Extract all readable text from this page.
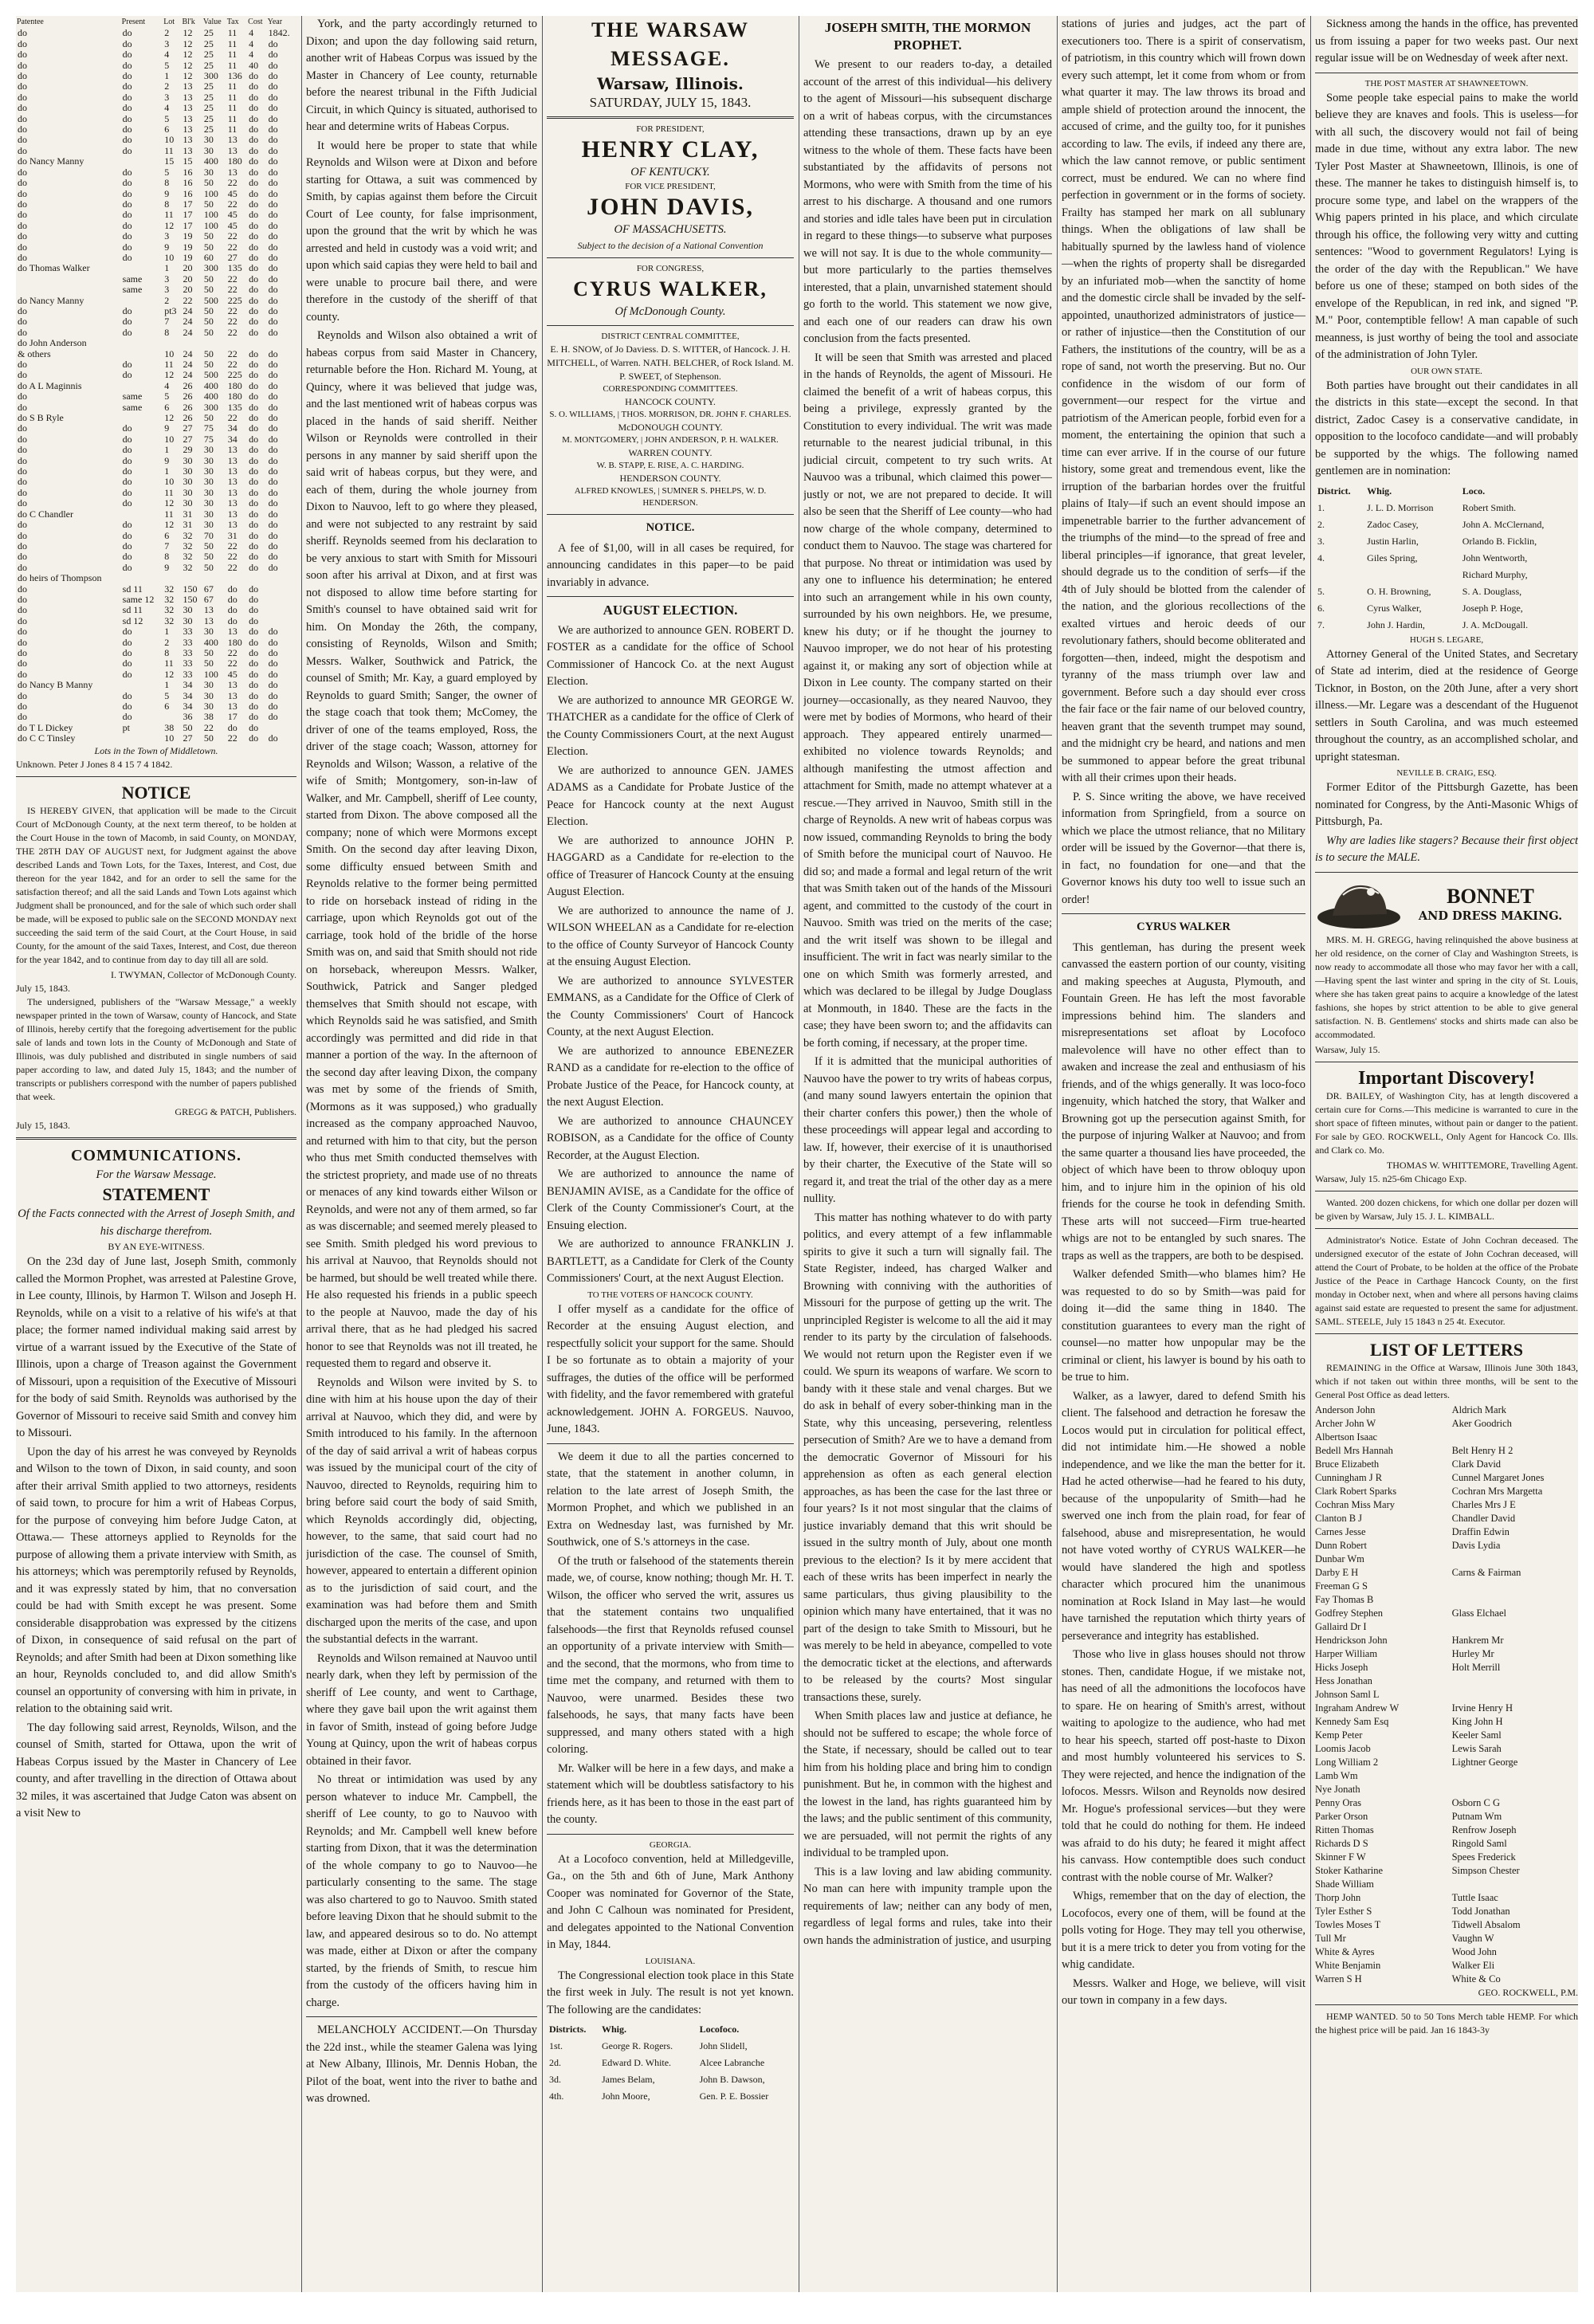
Patentee	Present	Lot	Bl'k	Value	Tax	Cost	Year
do	do	2	12	25	11	4	1842.
do	do	3	12	25	11	4	do
do	do	4	12	25	11	4	do
do	do	5	12	25	11	40	do
do	do	1	12	300	136	do	do
do	do	2	13	25	11	do	do
do	do	3	13	25	11	do	do
do	do	4	13	25	11	do	do
do	do	5	13	25	11	do	do
do	do	6	13	25	11	do	do
do	do	10	13	30	13	do	do
do	do	11	13	30	13	do	do
do Nancy Manny		15	15	400	180	do	do
do	do	5	16	30	13	do	do
do	do	8	16	50	22	do	do
do	do	9	16	100	45	do	do
do	do	8	17	50	22	do	do
do	do	11	17	100	45	do	do
do	do	12	17	100	45	do	do
do	do	3	19	50	22	do	do
do	do	9	19	50	22	do	do
do	do	10	19	60	27	do	do
do Thomas Walker		1	20	300	135	do	do
	same	3	20	50	22	do	do
	same	3	20	50	22	do	do
do Nancy Manny		2	22	500	225	do	do
do	do	pt3	24	50	22	do	do
do	do	7	24	50	22	do	do
do	do	8	24	50	22	do	do
do John Anderson							
& others		10	24	50	22	do	do
do	do	11	24	50	22	do	do
do	do	12	24	500	225	do	do
do A L Maginnis		4	26	400	180	do	do
do	same	5	26	400	180	do	do
do	same	6	26	300	135	do	do
do S B Ryle		12	26	50	22	do	do
do	do	9	27	75	34	do	do
do	do	10	27	75	34	do	do
do	do	1	29	30	13	do	do
do	do	9	30	30	13	do	do
do	do	1	30	30	13	do	do
do	do	10	30	30	13	do	do
do	do	11	30	30	13	do	do
do	do	12	30	30	13	do	do
do C Chandler		11	31	30	13	do	do
do	do	12	31	30	13	do	do
do	do	6	32	70	31	do	do
do	do	7	32	50	22	do	do
do	do	8	32	50	22	do	do
do	do	9	32	50	22	do	do
do heirs of Thompson							
do	sd 11	32	150	67	do	do	
do	same 12	32	150	67	do	do	
do	sd 11	32	30	13	do	do	
do	sd 12	32	30	13	do	do	
do	do	1	33	30	13	do	do
do	do	2	33	400	180	do	do
do	do	8	33	50	22	do	do
do	do	11	33	50	22	do	do
do	do	12	33	100	45	do	do
do Nancy B Manny		1	34	30	13	do	do
do	do	5	34	30	13	do	do
do	do	6	34	30	13	do	do
do	do		36	38	17	do	do
do T L Dickey	pt	38	50	22	do	do	
do C C Tinsley		10	27	50	22	do	do
Lots in the Town of Middletown.
Unknown. Peter J Jones 8 4 15 7 4 1842.
NOTICE

IS HEREBY GIVEN, that application will be made to the Circuit Court of McDonough County, at the next term thereof, to be holden at the Court House in the town of Macomb, in said County, on MONDAY, THE 28TH DAY OF AUGUST next, for Judgment against the above described Lands and Town Lots, for the Taxes, Interest, and Cost, due thereon for the year 1842, and for an order to sell the same for the satisfaction thereof; and all the said Lands and Town Lots against which Judgment shall be pronounced, and for the sale of which such order shall be made, will be exposed to public sale on the SECOND MONDAY next succeeding the said term of the said Court, at the Court House, in said County, for the amount of the said Taxes, Interest, and Cost, due thereon for the year 1842, and to continue from day to day till all are sold.

I. TWYMAN, Collector of McDonough County.
July 15, 1843.

The undersigned, publishers of the "Warsaw Message," a weekly newspaper printed in the town of Warsaw, county of Hancock, and State of Illinois, hereby certify that the foregoing advertisement for the public sale of lands and town lots in the County of McDonough and State of Illinois, was duly published and distributed in single numbers of said paper according to law, and dated July 15, 1843; and the number of transcripts or publishers correspond with the number of papers published that week.

GREGG & PATCH, Publishers.
July 15, 1843.
COMMUNICATIONS.
For the Warsaw Message.
STATEMENT
Of the Facts connected with the Arrest of Joseph Smith, and his discharge therefrom.
BY AN EYE-WITNESS.

On the 23d day of June last, Joseph Smith, commonly called the Mormon Prophet, was arrested at Palestine Grove, in Lee county, Illinois, by Harmon T. Wilson and Joseph H. Reynolds, while on a visit to a relative of his wife's at that place; the former named individual making said arrest by virtue of a warrant issued by the Executive of the State of Illinois, upon a charge of Treason against the Government of Missouri, upon a requisition of the Executive of Missouri for the body of said Smith. Reynolds was authorised by the Governor of Missouri to receive said Smith and convey him to Missouri.

Upon the day of his arrest he was conveyed by Reynolds and Wilson to the town of Dixon, in said county, and soon after their arrival Smith applied to two attorneys, residents of said town, to procure for him a writ of Habeas Corpus, for the purpose of conveying him before Judge Caton, at Ottawa.— These attorneys applied to Reynolds for the purpose of allowing them a private interview with Smith, as his attorneys; which was peremptorily refused by Reynolds, and it was expressly stated by him, that no conversation could be had with Smith except he was present. Some considerable disapprobation was expressed by the citizens of Dixon, in consequence of said refusal on the part of Reynolds; and after Smith had been at Dixon something like an hour, Reynolds concluded to, and did allow Smith's counsel an opportunity of conversing with him in private, in relation to the obtaining said writ.

The day following said arrest, Reynolds, Wilson, and the counsel of Smith, started for Ottawa, upon the writ of Habeas Corpus issued by the Master in Chancery of Lee county, and after travelling in the direction of Ottawa about 32 miles, it was ascertained that Judge Caton was absent on a visit New to

York, and the party accordingly returned to Dixon; and upon the day following said return, another writ of Habeas Corpus was issued by the Master in Chancery of Lee county, returnable before the nearest tribunal in the Fifth Judicial Circuit, in which Quincy is situated, authorised to hear and determine writs of Habeas Corpus.

It would here be proper to state that while Reynolds and Wilson were at Dixon and before starting for Ottawa, a suit was commenced by Smith, by capias against them before the Circuit Court of Lee county, for false imprisonment, upon the ground that the writ by which he was arrested and held in custody was a void writ; and upon which said capias they were held to bail and were unable to procure bail there, and were therefore in the custody of the sheriff of that county.

Reynolds and Wilson also obtained a writ of habeas corpus from said Master in Chancery, returnable before the Hon. Richard M. Young, at Quincy, where it was believed that judge was, and the last mentioned writ of habeas corpus was placed in the hands of said sheriff. Neither Wilson or Reynolds were controlled in their persons in any manner by said sheriff upon the said writ of habeas corpus, but they were, and each of them, during the whole journey from Dixon to Nauvoo, left to go where they pleased, and were not subjected to any restraint by said sheriff. Reynolds seemed from his declaration to be very anxious to start with Smith for Missouri soon after his arrival at Dixon, and at first was not disposed to allow time before starting for Smith's counsel to have obtained said writ for him. On Monday the 26th, the company, consisting of Reynolds, Wilson and Smith; Messrs. Walker, Southwick and Patrick, the counsel of Smith; Mr. Kay, a guard employed by Reynolds to guard Smith; Sanger, the owner of the stage coach that took them; McComey, the driver of one of the teams employed, Ross, the driver of the stage coach; Wasson, attorney for Reynolds and Wilson; Wasson, a relative of the wife of Smith; Montgomery, son-in-law of Walker, and Mr. Campbell, sheriff of Lee county, started from Dixon. The above composed all the company; none of which were Mormons except Smith. On the second day after leaving Dixon, some difficulty ensued between Smith and Reynolds relative to the former being permitted to ride on horseback instead of riding in the carriage, upon which Reynolds got out of the carriage, took hold of the bridle of the horse Smith was on, and said that Smith should not ride on horseback, whereupon Messrs. Walker, Southwick, Patrick and Sanger pledged themselves that Smith should not escape, with which Reynolds said he was satisfied, and Smith accordingly was permitted and did ride in that manner a portion of the way. In the afternoon of the second day after leaving Dixon, the company was met by some of the friends of Smith, (Mormons as it was supposed,) who gradually increased as the company approached Nauvoo, and returned with him to that city, but the person who thus met Smith conducted themselves with the strictest propriety, and made use of no threats or menaces of any kind towards either Wilson or Reynolds, and were not any of them armed, so far as was discernable; and seemed merely pleased to see Smith. Smith pledged his word previous to his arrival at Nauvoo, that Reynolds should not be harmed, but should be well treated while there. He also requested his friends in a public speech to the people at Nauvoo, made the day of his arrival there, that as he had pledged his sacred honor to see that Reynolds was not ill treated, he requested them to regard and observe it.

Reynolds and Wilson were invited by S. to dine with him at his house upon the day of their arrival at Nauvoo, which they did, and were by Smith introduced to his family. In the afternoon of the day of said arrival a writ of habeas corpus was issued by the municipal court of the city of Nauvoo, directed to Reynolds, requiring him to bring before said court the body of said Smith, which Reynolds accordingly did, objecting, however, to the same, that said court had no jurisdiction of the case. The counsel of Smith, however, appeared to entertain a different opinion as to the jurisdiction of said court, and the examination was had before them and Smith discharged upon the merits of the case, and upon the substantial defects in the warrant.

Reynolds and Wilson remained at Nauvoo until nearly dark, when they left by permission of the sheriff of Lee county, and went to Carthage, where they gave bail upon the writ against them in favor of Smith, instead of going before Judge Young at Quincy, upon the writ of habeas corpus obtained in their favor.

No threat or intimidation was used by any person whatever to induce Mr. Campbell, the sheriff of Lee county, to go to Nauvoo with Reynolds; and Mr. Campbell well knew before starting from Dixon, that it was the determination of the whole company to go to Nauvoo—he particularly consenting to the same. The stage was also chartered to go to Nauvoo. Smith stated before leaving Dixon that he should submit to the law, and appeared desirous so to do. No attempt was made, either at Dixon or after the company started, by the friends of Smith, to rescue him from the custody of the officers having him in charge.

MELANCHOLY ACCIDENT.—On Thursday the 22d inst., while the steamer Galena was lying at New Albany, Illinois, Mr. Dennis Hoban, the Pilot of the boat, went into the river to bathe and was drowned.

THE WARSAW MESSAGE.
Warsaw, Illinois.
SATURDAY, JULY 15, 1843.
FOR PRESIDENT,
HENRY CLAY,
OF KENTUCKY.
FOR VICE PRESIDENT,
JOHN DAVIS,
OF MASSACHUSETTS.
Subject to the decision of a National Convention
FOR CONGRESS,
CYRUS WALKER,
Of McDonough County.
DISTRICT CENTRAL COMMITTEE,
E. H. SNOW, of Jo Daviess. D. S. WITTER, of Hancock. J. H. MITCHELL, of Warren. NATH. BELCHER, of Rock Island. M. P. SWEET, of Stephenson.
CORRESPONDING COMMITTEES.
HANCOCK COUNTY.
S. O. WILLIAMS, | THOS. MORRISON, DR. JOHN F. CHARLES.
McDONOUGH COUNTY.
M. MONTGOMERY, | JOHN ANDERSON, P. H. WALKER.
WARREN COUNTY.
W. B. STAPP, E. RISE, A. C. HARDING.
HENDERSON COUNTY.
ALFRED KNOWLES, | SUMNER S. PHELPS, W. D. HENDERSON.
NOTICE.

A fee of $1,00, will in all cases be required, for announcing candidates in this paper—to be paid invariably in advance.

AUGUST ELECTION.

We are authorized to announce GEN. ROBERT D. FOSTER as a candidate for the office of School Commissioner of Hancock Co. at the next August Election.

We are authorized to announce MR GEORGE W. THATCHER as a candidate for the office of Clerk of the County Commissioners Court, at the next August Election.

We are authorized to announce GEN. JAMES ADAMS as a Candidate for Probate Justice of the Peace for Hancock county at the next August Election.

We are authorized to announce JOHN P. HAGGARD as a Candidate for re-election to the office of Treasurer of Hancock County at the ensuing August Election.

We are authorized to announce the name of J. WILSON WHEELAN as a Candidate for re-election to the office of County Surveyor of Hancock County at the ensuing August Election.

We are authorized to announce SYLVESTER EMMANS, as a Candidate for the Office of Clerk of the County Commissioners' Court of Hancock County, at the next August Election.

We are authorized to announce EBENEZER RAND as a candidate for re-election to the office of Probate Justice of the Peace, for Hancock county, at the next August Election.

We are authorized to announce CHAUNCEY ROBISON, as a Candidate for the office of County Recorder, at the August Election.

We are authorized to announce the name of BENJAMIN AVISE, as a Candidate for the office of Clerk of the County Commissioner's Court, at the Ensuing election.

We are authorized to announce FRANKLIN J. BARTLETT, as a Candidate for Clerk of the County Commissioners' Court, at the next August Election.

TO THE VOTERS OF HANCOCK COUNTY.

I offer myself as a candidate for the office of Recorder at the ensuing August election, and respectfully solicit your support for the same. Should I be so fortunate as to obtain a majority of your suffrages, the duties of the office will be performed with fidelity, and the favor remembered with grateful acknowledgement. JOHN A. FORGEUS. Nauvoo, June, 1843.

We deem it due to all the parties concerned to state, that the statement in another column, in relation to the late arrest of Joseph Smith, the Mormon Prophet, and which we published in an Extra on Wednesday last, was furnished by Mr. Southwick, one of S.'s attorneys in the case.

Of the truth or falsehood of the statements therein made, we, of course, know nothing; though Mr. H. T. Wilson, the officer who served the writ, assures us that the statement contains two unqualified falsehoods—the first that Reynolds refused counsel an opportunity of a private interview with Smith—and the second, that the mormons, who from time to time met the company, and returned with them to Nauvoo, were unarmed. Besides these two falsehoods, he says, that many facts have been suppressed, and many others stated with a high coloring.

Mr. Walker will be here in a few days, and make a statement which will be doubtless satisfactory to his friends here, as it has been to those in the east part of the county.

GEORGIA.

At a Locofoco convention, held at Milledgeville, Ga., on the 5th and 6th of June, Mark Anthony Cooper was nominated for Governor of the State, and John C Calhoun was nominated for President, and delegates appointed to the National Convention in May, 1844.

LOUISIANA.

The Congressional election took place in this State the first week in July. The result is not yet known. The following are the candidates:

Districts.	Whig.	Locofoco.
1st.	George R. Rogers.	John Slidell,
2d.	Edward D. White.	Alcee Labranche
3d.	James Belam,	John B. Dawson,
4th.	John Moore,	Gen. P. E. Bossier
JOSEPH SMITH, THE MORMON PROPHET.

We present to our readers to-day, a detailed account of the arrest of this individual—his delivery to the agent of Missouri—his subsequent discharge on a writ of habeas corpus, with the circumstances attending these transactions, drawn up by an eye witness to the whole of them. These facts have been substantiated by the affidavits of persons not Mormons, who were with Smith from the time of his arrest to his discharge. A thousand and one rumors and stories and idle tales have been put in circulation in regard to these things—to subserve what purposes we will not say. It is due to the whole community—but more particularly to the parties themselves interested, that a plain, unvarnished statement should go forth to the world. This statement we now give, and each one of our readers can draw his own conclusion from the facts presented.

It will be seen that Smith was arrested and placed in the hands of Reynolds, the agent of Missouri. He claimed the benefit of a writ of habeas corpus, this being a privilege, expressly granted by the Constitution to every individual. The writ was made returnable to the nearest judicial tribunal, in this judicial circuit, competent to try such writs. At Nauvoo was a tribunal, which claimed this power—justly or not, we are not prepared to decide. It will also be seen that the Sheriff of Lee county—who had now charge of the whole company, determined to conduct them to Nauvoo. The stage was chartered for that purpose. No threat or intimidation was used by any one to influence his determination; he entered into such an arrangement while in his own county, surrounded by his own neighbors. He, we presume, knew his duty; or if he thought the journey to Nauvoo improper, we do not hear of his protesting against it, or making any sort of objection while at Dixon in Lee county. The company started on their journey—occasionally, as they neared Nauvoo, they were met by bodies of Mormons, who heard of their approach. They appeared entirely unarmed—exhibited no violence towards Reynolds; and although manifesting the utmost affection and attachment for Smith, made no attempt whatever at a rescue.—They arrived in Nauvoo, Smith still in the charge of Reynolds. A new writ of habeas corpus was now issued, commanding Reynolds to bring the body of Smith before the municipal court of Nauvoo. He did so; and made a formal and legal return of the writ that was Smith taken out of the hands of the Missouri agent, and committed to the custody of the court in Nauvoo. Smith was tried on the merits of the case; and the writ itself was shown to be illegal and insufficient. The writ in fact was nearly similar to the one on which Smith was formerly arrested, and which was declared to be illegal by Judge Douglass at Monmouth, in 1840. These are the facts in the case; they have been sworn to; and the affidavits can be forth coming, if necessary, at the proper time.

If it is admitted that the municipal authorities of Nauvoo have the power to try writs of habeas corpus, (and many sound lawyers entertain the opinion that their charter confers this power,) then the whole of these proceedings will appear legal and according to law. If, however, their exercise of it is unauthorised by their charter, the Executive of the State will so regard it, and treat the trial of the other day as a mere nullity.

This matter has nothing whatever to do with party politics, and every attempt of a few inflammable spirits to give it such a turn will signally fail. The State Register, indeed, has charged Walker and Browning with conniving with the authorities of Missouri for the purpose of getting up the writ. The unprincipled Register is welcome to all the aid it may render to its party by the circulation of falsehoods. We would not return upon the Register even if we could. We spurn its weapons of warfare. We scorn to bandy with it these stale and venal charges. But we do ask in behalf of every sober-thinking man in the State, why this unceasing, persevering, relentless persecution of Smith? Are we to have a demand from the democratic Governor of Missouri for his apprehension as often as each general election approaches, as has been the case for the last three or four years? Is it not most singular that the claims of justice invariably demand that this writ should be issued in the sultry month of July, about one month previous to the election? Is it by mere accident that each of these writs has been imperfect in nearly the same particulars, thus giving plausibility to the opinion which many have entertained, that it was no part of the design to take Smith to Missouri, but he was merely to be held in abeyance, compelled to vote the democratic ticket at the elections, and afterwards to be released by the courts? Most singular transactions these, surely.

When Smith places law and justice at defiance, he should not be suffered to escape; the whole force of the State, if necessary, should be called out to tear him from his holding place and bring him to condign punishment. But he, in common with the highest and the lowest in the land, has rights guaranteed him by the laws; and the public sentiment of this community, we are persuaded, will not permit the rights of any individual to be trampled upon.

This is a law loving and law abiding community. No man can here with impunity trample upon the requirements of law; neither can any body of men, regardless of legal forms and rules, take into their own hands the administration of justice, and usurping

stations of juries and judges, act the part of executioners too. There is a spirit of conservatism, of patriotism, in this country which will frown down every such attempt, let it come from whom or from what quarter it may. The law throws its broad and ample shield of protection around the innocent, the accused of crime, and the guilty too, for it punishes according to law. The evils, if indeed any there are, which the law cannot remove, or public sentiment correct, must be endured. We can no where find perfection in government or in the forms of society. Frailty has stamped her mark on all sublunary things. When the obligations of law shall be habitually spurned by the lawless hand of violence—when the rights of property shall be disregarded by an infuriated mob—when the sanctity of home and the domestic circle shall be invaded by the self-appointed, unauthorized administrators of justice—or rather of injustice—then the Constitution of our Fathers, the institutions of the country, will be as a rope of sand, not worth the preserving. But no. Our confidence in the wisdom of our form of government—our respect for the virtue and patriotism of the American people, forbid even for a moment, the entertaining the opinion that such a time can ever arrive. If in the course of our future history, some great and tremendous event, like the irruption of the barbarian hordes over the fruitful plains of Italy—if such an event should impose an impenetrable barrier to the further advancement of the triumphs of the mind—to the spread of free and liberal principles—if ignorance, that great leveler, should degrade us to the condition of serfs—if the 4th of July should be blotted from the calender of the nation, and the glorious recollections of the exalted virtues and heroic deeds of our revolutionary fathers, should become obliterated and forgotten—then, indeed, might the despotism and tyranny of the mass triumph over law and government. Before such a day should ever cross the fair face or the fair name of our beloved country, heaven grant that the seventh trumpet may sound, and the midnight cry be heard, and nations and men be summoned to appear before the great tribunal with all their crimes upon their heads.

P. S. Since writing the above, we have received information from Springfield, from a source on which we place the utmost reliance, that no Military order will be issued by the Governor—that there is, in fact, no foundation for one—and that the Governor knows his duty too well to issue such an order!

CYRUS WALKER

This gentleman, has during the present week canvassed the eastern portion of our county, visiting and making speeches at Augusta, Plymouth, and Fountain Green. He has left the most favorable impressions behind him. The slanders and misrepresentations set afloat by Locofoco malevolence will have no other effect than to awaken and increase the zeal and enthusiasm of his friends, and of the whigs generally. It was loco-foco ingenuity, which hatched the story, that Walker and Browning got up the persecution against Smith, for the purpose of injuring Walker at Nauvoo; and from the same quarter a thousand lies have proceeded, the object of which have been to throw obloquy upon him, and to injure him in the opinion of his old friends for the course he took in defending Smith. These arts will not succeed—Firm true-hearted whigs are not to be entangled by such snares. The traps as well as the trappers, are both to be despised.

Walker defended Smith—who blames him? He was requested to do so by Smith—was paid for doing it—did the same thing in 1840. The constitution guarantees to every man the right of counsel—no matter how unpopular may be the criminal or client, his lawyer is bound by his oath to be true to him.

Walker, as a lawyer, dared to defend Smith his client. The falsehood and detraction he foresaw the Locos would put in circulation for political effect, did not intimidate him.—He showed a noble independence, and we like the man the better for it. Had he acted otherwise—had he feared to his duty, because of the unpopularity of Smith—had he swerved one inch from the plain road, for fear of falsehood, abuse and misrepresentation, he would not have voted worthy of CYRUS WALKER—he would have slandered the high and spotless character which procured him the unanimous nomination at Rock Island in May last—he would have tarnished the reputation which thirty years of perseverance and integrity has established.

Those who live in glass houses should not throw stones. Then, candidate Hogue, if we mistake not, has need of all the admonitions the locofocos have to spare. He on hearing of Smith's arrest, without waiting to apologize to the audience, who had met to hear his speech, started off post-haste to Dixon and most humbly volunteered his services to S. They were rejected, and hence the indignation of the lofocos. Messrs. Wilson and Reynolds now desired Mr. Hogue's professional services—but they were told that he could do nothing for them. He indeed was afraid to do his duty; he feared it might affect his canvass. How contemptible does such conduct contrast with the noble course of Mr. Walker?

Whigs, remember that on the day of election, the Locofocos, every one of them, will be found at the polls voting for Hoge. They may tell you otherwise, but it is a mere trick to deter you from voting for the whig candidate.

Messrs. Walker and Hoge, we believe, will visit our town in company in a few days.

Sickness among the hands in the office, has prevented us from issuing a paper for two weeks past. Our next regular issue will be on Wednesday of week after next.

THE POST MASTER AT SHAWNEETOWN.

Some people take especial pains to make the world believe they are knaves and fools. This is useless—for with all such, the discovery would not fail of being made in due time, without any extra labor. The new Tyler Post Master at Shawneetown, Illinois, is one of these. The manner he takes to distinguish himself is, to procure some type, and label on the wrappers of the Whig papers printed in his place, and which circulate through his office, the following very witty and cutting sentences: "Wood to government Regulators! Lying is the order of the day with the Republican." We have before us one of these; stamped on both sides of the envelope of the Republican, in red ink, and signed "P. M." Poor, contemptible fellow! A man capable of such meanness, is just worthy of being the tool and associate of the administration of John Tyler.

OUR OWN STATE.

Both parties have brought out their candidates in all the districts in this state—except the second. In that district, Zadoc Casey is a conservative candidate, in opposition to the locofoco candidate—and will probably be supported by the whigs. The following named gentlemen are in nomination:

District.	Whig.	Loco.
1.	J. L. D. Morrison	Robert Smith.
2.	Zadoc Casey,	John A. McClernand,
3.	Justin Harlin,	Orlando B. Ficklin,
4.	Giles Spring,	John Wentworth,
		Richard Murphy,
5.	O. H. Browning,	S. A. Douglass,
6.	Cyrus Walker,	Joseph P. Hoge,
7.	John J. Hardin,	J. A. McDougall.
HUGH S. LEGARE,

Attorney General of the United States, and Secretary of State ad interim, died at the residence of George Ticknor, in Boston, on the 20th June, after a very short illness.—Mr. Legare was a descendant of the Huguenot settlers in South Carolina, and was much esteemed throughout the country, as an accomplished scholar, and upright statesman.

NEVILLE B. CRAIG, ESQ.

Former Editor of the Pittsburgh Gazette, has been nominated for Congress, by the Anti-Masonic Whigs of Pittsburgh, Pa.

Why are ladies like stagers? Because their first object is to secure the MALE.

BONNET
AND DRESS MAKING.

MRS. M. H. GREGG, having relinquished the above business at her old residence, on the corner of Clay and Washington Streets, is now ready to accommodate all those who may favor her with a call,—Having spent the last winter and spring in the city of St. Louis, where she has taken great pains to acquire a knowledge of the latest fashions, she hopes by strict attention to be able to give general satisfaction. N. B. Gentlemens' stocks and shirts made can also be accommodated.

Warsaw, July 15.
Important Discovery!

DR. BAILEY, of Washington City, has at length discovered a certain cure for Corns.—This medicine is warranted to cure in the short space of fifteen minutes, without pain or danger to the patient. For sale by GEO. ROCKWELL, Only Agent for Hancock Co. Ills. and Clark co. Mo.

THOMAS W. WHITTEMORE, Travelling Agent.
Warsaw, July 15. n25-6m Chicago Exp.

Wanted. 200 dozen chickens, for which one dollar per dozen will be given by Warsaw, July 15. J. L. KIMBALL.

Administrator's Notice. Estate of John Cochran deceased. The undersigned executor of the estate of John Cochran deceased, will attend the Court of Probate, to be holden at the office of the Probate Justice of the Peace in Carthage Hancock County, on the first monday in October next, when and where all persons having claims against said estate are requested to present the same for adjustment. SAML. STEELE, July 15 1843 n 25 4t. Executor.

LIST OF LETTERS

REMAINING in the Office at Warsaw, Illinois June 30th 1843, which if not taken out within three months, will be sent to the General Post Office as dead letters.

Anderson John	Aldrich Mark
Archer John W	Aker Goodrich
Albertson Isaac
Bedell Mrs Hannah	Belt Henry H 2
Bruce Elizabeth	Clark David
Cunningham J R	Cunnel Margaret Jones
Clark Robert Sparks	Cochran Mrs Margetta
Cochran Miss Mary	Charles Mrs J E
Clanton B J	Chandler David
Carnes Jesse	Draffin Edwin
Dunn Robert	Davis Lydia
Dunbar Wm
Darby E H	Carns & Fairman
Freeman G S
Fay Thomas B
Godfrey Stephen	Glass Elchael
Gallaird Dr I
Hendrickson John	Hankrem Mr
Harper William	Hurley Mr
Hicks Joseph	Holt Merrill
Hess Jonathan
Johnson Saml L
Ingraham Andrew W	Irvine Henry H
Kennedy Sam Esq	King John H
Kemp Peter	Keeler Saml
Loomis Jacob	Lewis Sarah
Long William 2	Lightner George
Lamb Wm
Nye Jonath
Penny Oras	Osborn C G
Parker Orson	Putnam Wm
Ritten Thomas	Renfrow Joseph
Richards D S	Ringold Saml
Skinner F W	Spees Frederick
Stoker Katharine	Simpson Chester
Shade William
Thorp John	Tuttle Isaac
Tyler Esther S	Todd Jonathan
Towles Moses T	Tidwell Absalom
Tull Mr	Vaughn W
White & Ayres	Wood John
White Benjamin	Walker Eli
Warren S H	White & Co
GEO. ROCKWELL, P.M.

HEMP WANTED. 50 to 50 Tons Merch table HEMP. For which the highest price will be paid. Jan 16 1843-3y
